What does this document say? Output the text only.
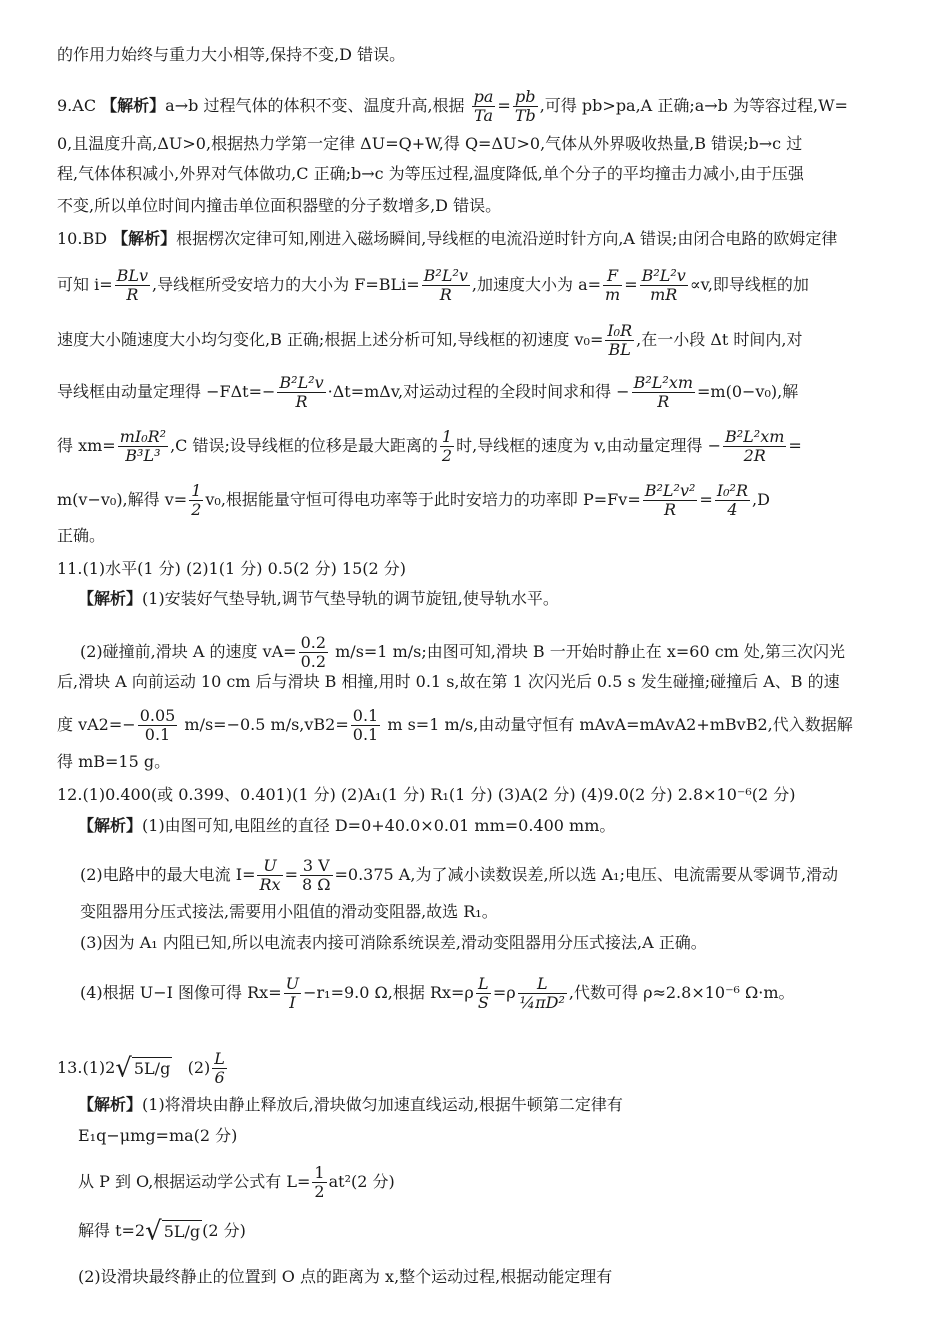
的作用力始终与重力大小相等,保持不变,D 错误。
9.AC 【解析】a→b 过程气体的体积不变、温度升高,根据 $\frac{pa}{Ta} = \frac{pb}{Tb}$ ,可得 pb>pa,A 正确;a→b 为等容过程,W=
0,且温度升高,ΔU>0,根据热力学第一定律 ΔU=Q+W,得 Q=ΔU>0,气体从外界吸收热量,B 错误;b→c 过
程,气体体积减小,外界对气体做功,C 正确;b→c 为等压过程,温度降低,单个分子的平均撞击力减小,由于压强
不变,所以单位时间内撞击单位面积器壁的分子数增多,D 错误。
10.BD 【解析】根据楞次定律可知,刚进入磁场瞬间,导线框的电流沿逆时针方向,A 错误;由闭合电路的欧姆定律
可知 $i= \frac{\text{BLv}}{R}$ ,导线框所受安培力的大小为 $F=BLi= \frac{\text{B²L²v}}{R}$ ,加速度大小为 $a= \frac{F}{m} = \frac{\text{B²L²v}}{mR} \propto v$,即导线框的加
速度大小随速度大小均匀变化,B 正确;根据上述分析可知,导线框的初速度 $v_0= \frac{\text{I₀R}}{BL}$ ,在一小段 Δt 时间内,对
导线框由动量定理得 $-F\Delta t=- \frac{\text{B²L²v}}{R} \cdot\Delta t=m\Delta v$,对运动过程的全段时间求和得 − $\frac{\text{B²L²xm}}{R} =m(0-v_0)$,解
得 $xm= \frac{\text{mI₀R²}}{\text{B³L³}} ,C$ 错误;设导线框的位移是最大距离的 $\frac{1}{2}$ 时,导线框的速度为 v,由动量定理得 − $\frac{\text{B²L²xm}}{2R}$ =
m(v−v₀),解得 $v= \frac{1}{2} v_0$,根据能量守恒可得电功率等于此时安培力的功率即 $P=Fv= \frac{\text{B²L²v²}}{R} = \frac{\text{I₀²R}}{4} ,D$
正确。
11.(1)水平(1 分) (2)1(1 分) 0.5(2 分) 15(2 分)
【解析】(1)安装好气垫导轨,调节气垫导轨的调节旋钮,使导轨水平。
(2)碰撞前,滑块 A 的速度 $vA= \frac{0.2}{0.2} m/s=1$ m/s;由图可知,滑块 B 一开始时静止在 x=60 cm 处,第三次闪光
后,滑块 A 向前运动 10 cm 后与滑块 B 相撞,用时 0.1 s,故在第 1 次闪光后 0.5 s 发生碰撞;碰撞后 A、B 的速
度 $vA2=- \frac{0.05}{0.1} m/s=-0.5$ $m/s,vB2= \frac{0.1}{0.1}$ m s=1 m/s,由动量守恒有 mAvA=mAvA2+mBvB2,代入数据解
得 mB=15 g。
12.(1)0.400(或 0.399、0.401)(1 分) (2)A₁(1 分) R₁(1 分) (3)A(2 分) (4)9.0(2 分) 2.8×10⁻⁶(2 分)
【解析】(1)由图可知,电阻丝的直径 D=0+40.0×0.01 mm=0.400 mm。
(2)电路中的最大电流 $I= \frac{U}{Rx} = \frac{3 V}{8 \Omega} =0.375$ A,为了减小读数误差,所以选 A₁;电压、电流需要从零调节,滑动
变阻器用分压式接法,需要用小阻值的滑动变阻器,故选 R₁。
(3)因为 A₁ 内阻已知,所以电流表内接可消除系统误差,滑动变阻器用分压式接法,A 正确。
(4)根据 U−I 图像可得 $Rx= \frac{U}{I} -r_1=9.0$ Ω,根据 $Rx=\rho \frac{L}{S} =\rho \frac{L}{\text{¼πD²}}$ ,代数可得 ρ≈2.8×10⁻⁶ Ω·m。
13.(1)2√ 5L/g $(2) \frac{L}{6}$
【解析】(1)将滑块由静止释放后,滑块做匀加速直线运动,根据牛顿第二定律有
E₁q−μmg=ma(2 分)
从 P 到 O,根据运动学公式有 $L= \frac{1}{2} at^2(2$ 分)
解得 t=2√ 5L/g (2 分)
(2)设滑块最终静止的位置到 O 点的距离为 x,整个运动过程,根据动能定理有
